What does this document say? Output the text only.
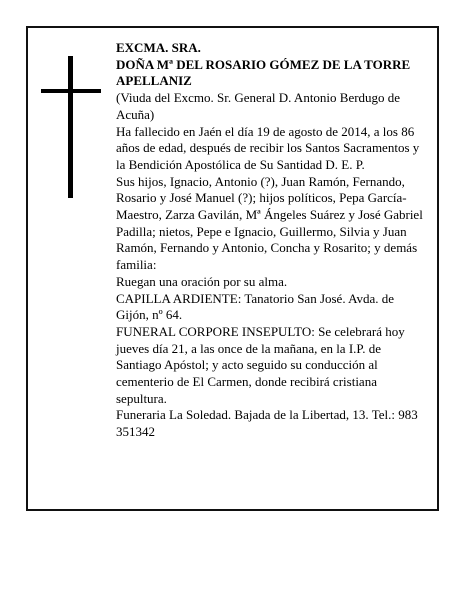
EXCMA. SRA.

DOÑA Mª DEL ROSARIO GÓMEZ DE LA TORRE APELLANIZ

(Viuda del Excmo. Sr. General D. Antonio Berdugo de Acuña)

Ha fallecido en Jaén el día 19 de agosto de 2014, a los 86 años de edad, después de recibir los Santos Sacramentos y la Bendición Apostólica de Su Santidad D. E. P.

Sus hijos, Ignacio, Antonio (?), Juan Ramón, Fernando, Rosario y José Manuel (?); hijos políticos, Pepa García-Maestro, Zarza Gavilán, Mª Ángeles Suárez y José Gabriel Padilla; nietos, Pepe e Ignacio, Guillermo, Silvia y Juan Ramón, Fernando y Antonio, Concha y Rosarito; y demás familia:

Ruegan una oración por su alma.

CAPILLA ARDIENTE: Tanatorio San José. Avda. de Gijón, nº 64.

FUNERAL CORPORE INSEPULTO: Se celebrará hoy jueves día 21, a las once de la mañana, en la I.P. de Santiago Apóstol; y acto seguido su conducción al cementerio de El Carmen, donde recibirá cristiana sepultura.

Funeraria La Soledad. Bajada de la Libertad, 13. Tel.: 983 351342
